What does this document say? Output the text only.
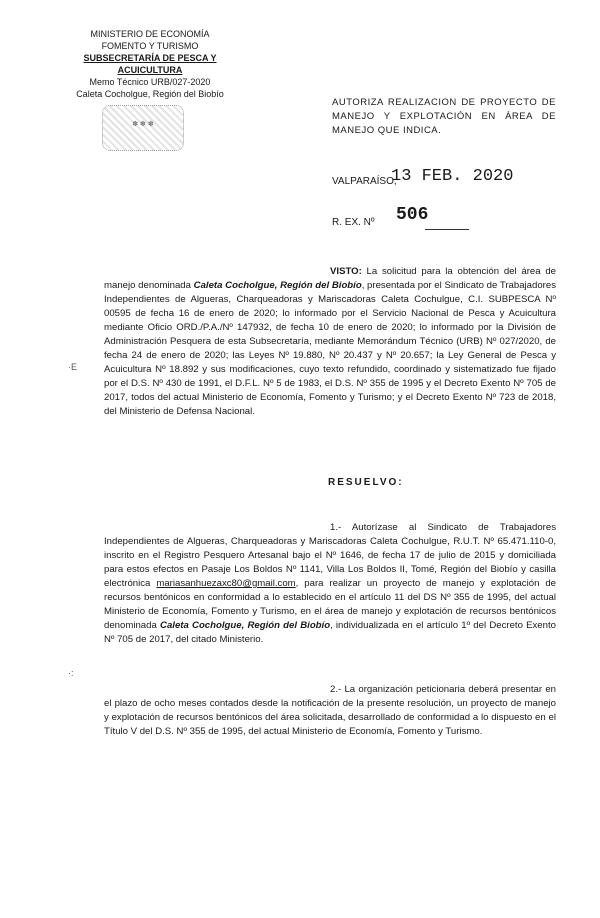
MINISTERIO DE ECONOMÍA
FOMENTO Y TURISMO
SUBSECRETARÍA DE PESCA Y ACUICULTURA
Memo Técnico URB/027-2020
Caleta Cocholgue, Región del Biobío
✽ ✽ ✽
·E
·:
AUTORIZA REALIZACION DE PROYECTO DE MANEJO Y EXPLOTACIÓN EN ÁREA DE MANEJO QUE INDICA.
VALPARAÍSO,
13 FEB. 2020
R. EX. Nº 506
VISTO: La solicitud para la obtención del área de manejo denominada Caleta Cocholgue, Región del Biobío, presentada por el Sindicato de Trabajadores Independientes de Algueras, Charqueadoras y Mariscadoras Caleta Cochulgue, C.I. SUBPESCA Nº 00595 de fecha 16 de enero de 2020; lo informado por el Servicio Nacional de Pesca y Acuicultura mediante Oficio ORD./P.A./Nº 147932, de fecha 10 de enero de 2020; lo informado por la División de Administración Pesquera de esta Subsecretaría, mediante Memorándum Técnico (URB) Nº 027/2020, de fecha 24 de enero de 2020; las Leyes Nº 19.880, Nº 20.437 y Nº 20.657; la Ley General de Pesca y Acuicultura Nº 18.892 y sus modificaciones, cuyo texto refundido, coordinado y sistematizado fue fijado por el D.S. Nº 430 de 1991, el D.F.L. Nº 5 de 1983, el D.S. Nº 355 de 1995 y el Decreto Exento Nº 705 de 2017, todos del actual Ministerio de Economía, Fomento y Turismo; y el Decreto Exento Nº 723 de 2018, del Ministerio de Defensa Nacional.
RESUELVO:
1.- Autorízase al Sindicato de Trabajadores Independientes de Algueras, Charqueadoras y Mariscadoras Caleta Cochulgue, R.U.T. Nº 65.471.110-0, inscrito en el Registro Pesquero Artesanal bajo el Nº 1646, de fecha 17 de julio de 2015 y domiciliada para estos efectos en Pasaje Los Boldos Nº 1141, Villa Los Boldos II, Tomé, Región del Biobío y casilla electrónica mariasanhuezaxc80@gmail.com, para realizar un proyecto de manejo y explotación de recursos bentónicos en conformidad a lo establecido en el artículo 11 del DS Nº 355 de 1995, del actual Ministerio de Economía, Fomento y Turismo, en el área de manejo y explotación de recursos bentónicos denominada Caleta Cocholgue, Región del Biobío, individualizada en el artículo 1º del Decreto Exento Nº 705 de 2017, del citado Ministerio.
2.- La organización peticionaria deberá presentar en el plazo de ocho meses contados desde la notificación de la presente resolución, un proyecto de manejo y explotación de recursos bentónicos del área solicitada, desarrollado de conformidad a lo dispuesto en el Título V del D.S. Nº 355 de 1995, del actual Ministerio de Economía, Fomento y Turismo.
